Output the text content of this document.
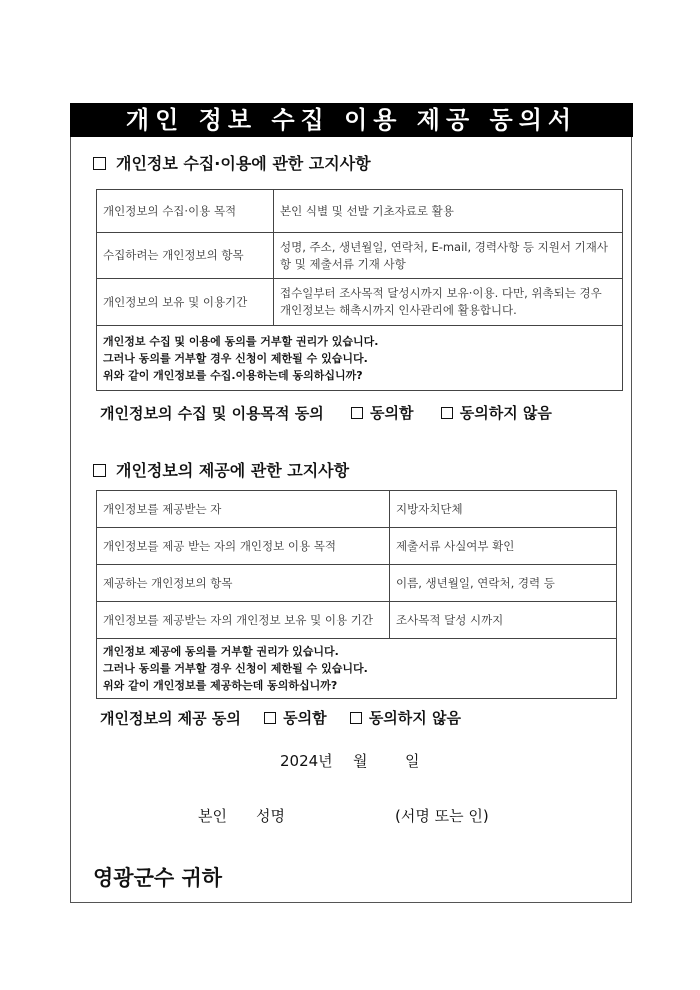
개인 정보 수집 이용 제공 동의서
개인정보 수집·이용에 관한 고지사항
개인정보의 수집·이용 목적	본인 식별 및 선발 기초자료로 활용
수집하려는 개인정보의 항목	성명, 주소, 생년월일, 연락처, E-mail, 경력사항 등 지원서 기재사항 및 제출서류 기재 사항
개인정보의 보유 및 이용기간	접수일부터 조사목적 달성시까지 보유·이용. 다만, 위촉되는 경우 개인정보는 해촉시까지 인사관리에 활용합니다.

개인정보 수집 및 이용에 동의를 거부할 권리가 있습니다.
그러나 동의를 거부할 경우 신청이 제한될 수 있습니다.
위와 같이 개인정보를 수집.이용하는데 동의하십니까?	
개인정보의 수집 및 이용목적 동의	동의함
	동의하지 않음
개인정보의 제공에 관한 고지사항
개인정보를 제공받는 자	지방자치단체
개인정보를 제공 받는 자의 개인정보 이용 목적	제출서류 사실여부 확인
제공하는 개인정보의 항목	이름, 생년월일, 연락처, 경력 등
개인정보를 제공받는 자의 개인정보 보유 및 이용 기간	조사목적 달성 시까지

개인정보 제공에 동의를 거부할 권리가 있습니다.
그러나 동의를 거부할 경우 신청이 제한될 수 있습니다.
위와 같이 개인정보를 제공하는데 동의하십니까?	
개인정보의 제공 동의	동의함
	동의하지 않음
2024년 월	일
본인 성명	(서명 또는 인)
영광군수 귀하
